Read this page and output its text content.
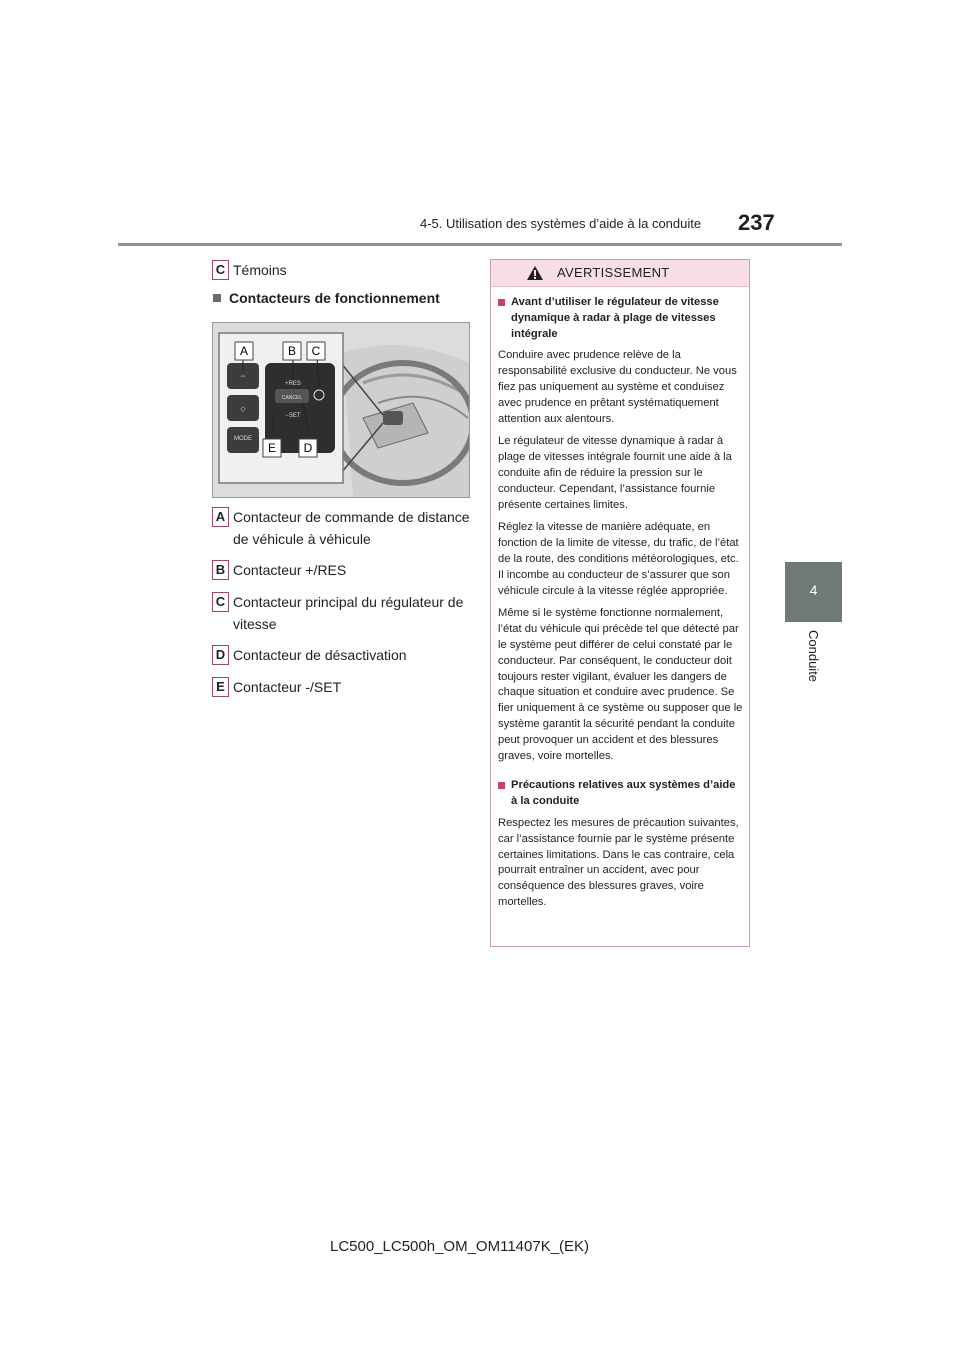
4-5. Utilisation des systèmes d’aide à la conduite 237
4
Conduite
C Témoins
Contacteurs de fonctionnement
⇔
◇
MODE
+RES
CANCEL
−SET
A	B C
E D
A Contacteur de commande de distance de véhicule à véhicule
B Contacteur +/RES
C Contacteur principal du régulateur de vitesse
D Contacteur de désactivation
E Contacteur -/SET
AVERTISSEMENT
Avant d’utiliser le régulateur de vitesse dynamique à radar à plage de vitesses intégrale

Conduire avec prudence relève de la responsabilité exclusive du conducteur. Ne vous fiez pas uniquement au système et conduisez avec prudence en prêtant systématiquement attention aux alentours.

Le régulateur de vitesse dynamique à radar à plage de vitesses intégrale fournit une aide à la conduite afin de réduire la pression sur le conducteur. Cependant, l’assistance fournie présente certaines limites.

Réglez la vitesse de manière adéquate, en fonction de la limite de vitesse, du trafic, de l’état de la route, des conditions météorologiques, etc. Il incombe au conducteur de s’assurer que son véhicule circule à la vitesse réglée appropriée.

Même si le système fonctionne normalement, l’état du véhicule qui précède tel que détecté par le système peut différer de celui constaté par le conducteur. Par conséquent, le conducteur doit toujours rester vigilant, évaluer les dangers de chaque situation et conduire avec prudence. Se fier uniquement à ce système ou supposer que le système garantit la sécurité pendant la conduite peut provoquer un accident et des blessures graves, voire mortelles.

Précautions relatives aux systèmes d’aide à la conduite

Respectez les mesures de précaution suivantes, car l’assistance fournie par le système présente certaines limitations. Dans le cas contraire, cela pourrait entraîner un accident, avec pour conséquence des blessures graves, voire mortelles.

LC500_LC500h_OM_OM11407K_(EK)
